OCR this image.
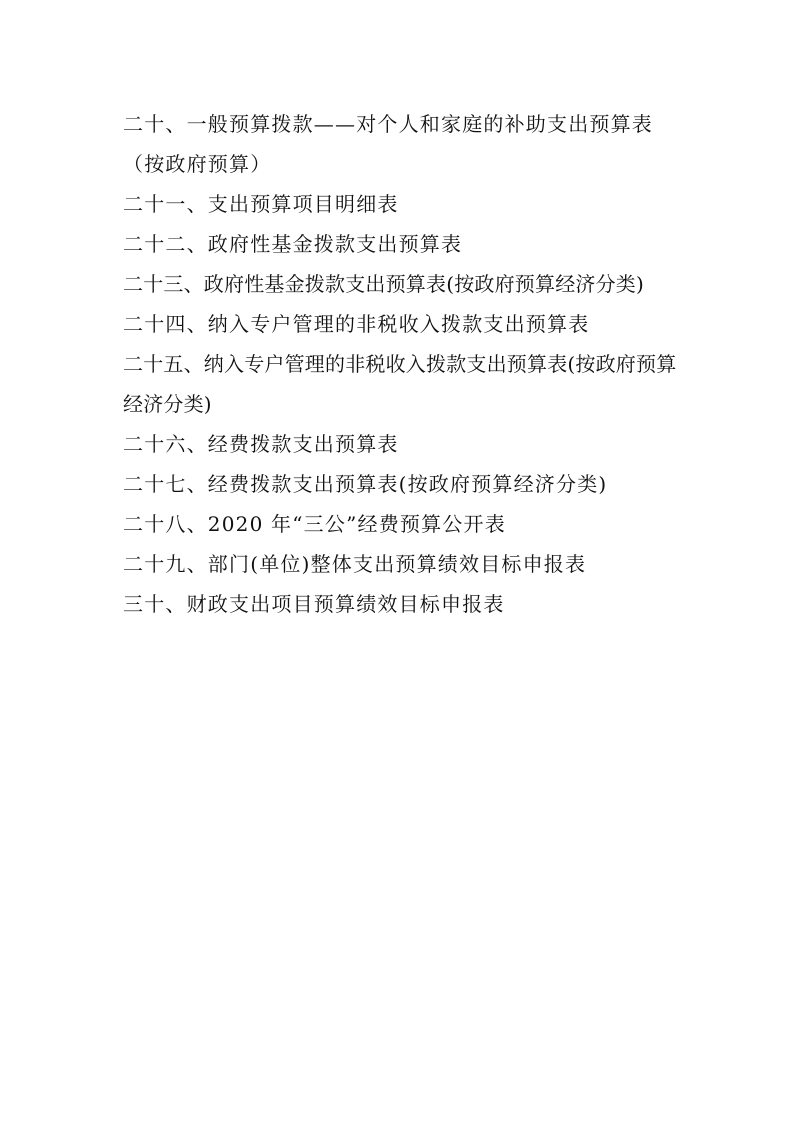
二十、一般预算拨款——对个人和家庭的补助支出预算表（按政府预算）
二十一、支出预算项目明细表
二十二、政府性基金拨款支出预算表
二十三、政府性基金拨款支出预算表(按政府预算经济分类)
二十四、纳入专户管理的非税收入拨款支出预算表
二十五、纳入专户管理的非税收入拨款支出预算表(按政府预算经济分类)
二十六、经费拨款支出预算表
二十七、经费拨款支出预算表(按政府预算经济分类)
二十八、2020 年“三公”经费预算公开表
二十九、部门(单位)整体支出预算绩效目标申报表
三十、财政支出项目预算绩效目标申报表
